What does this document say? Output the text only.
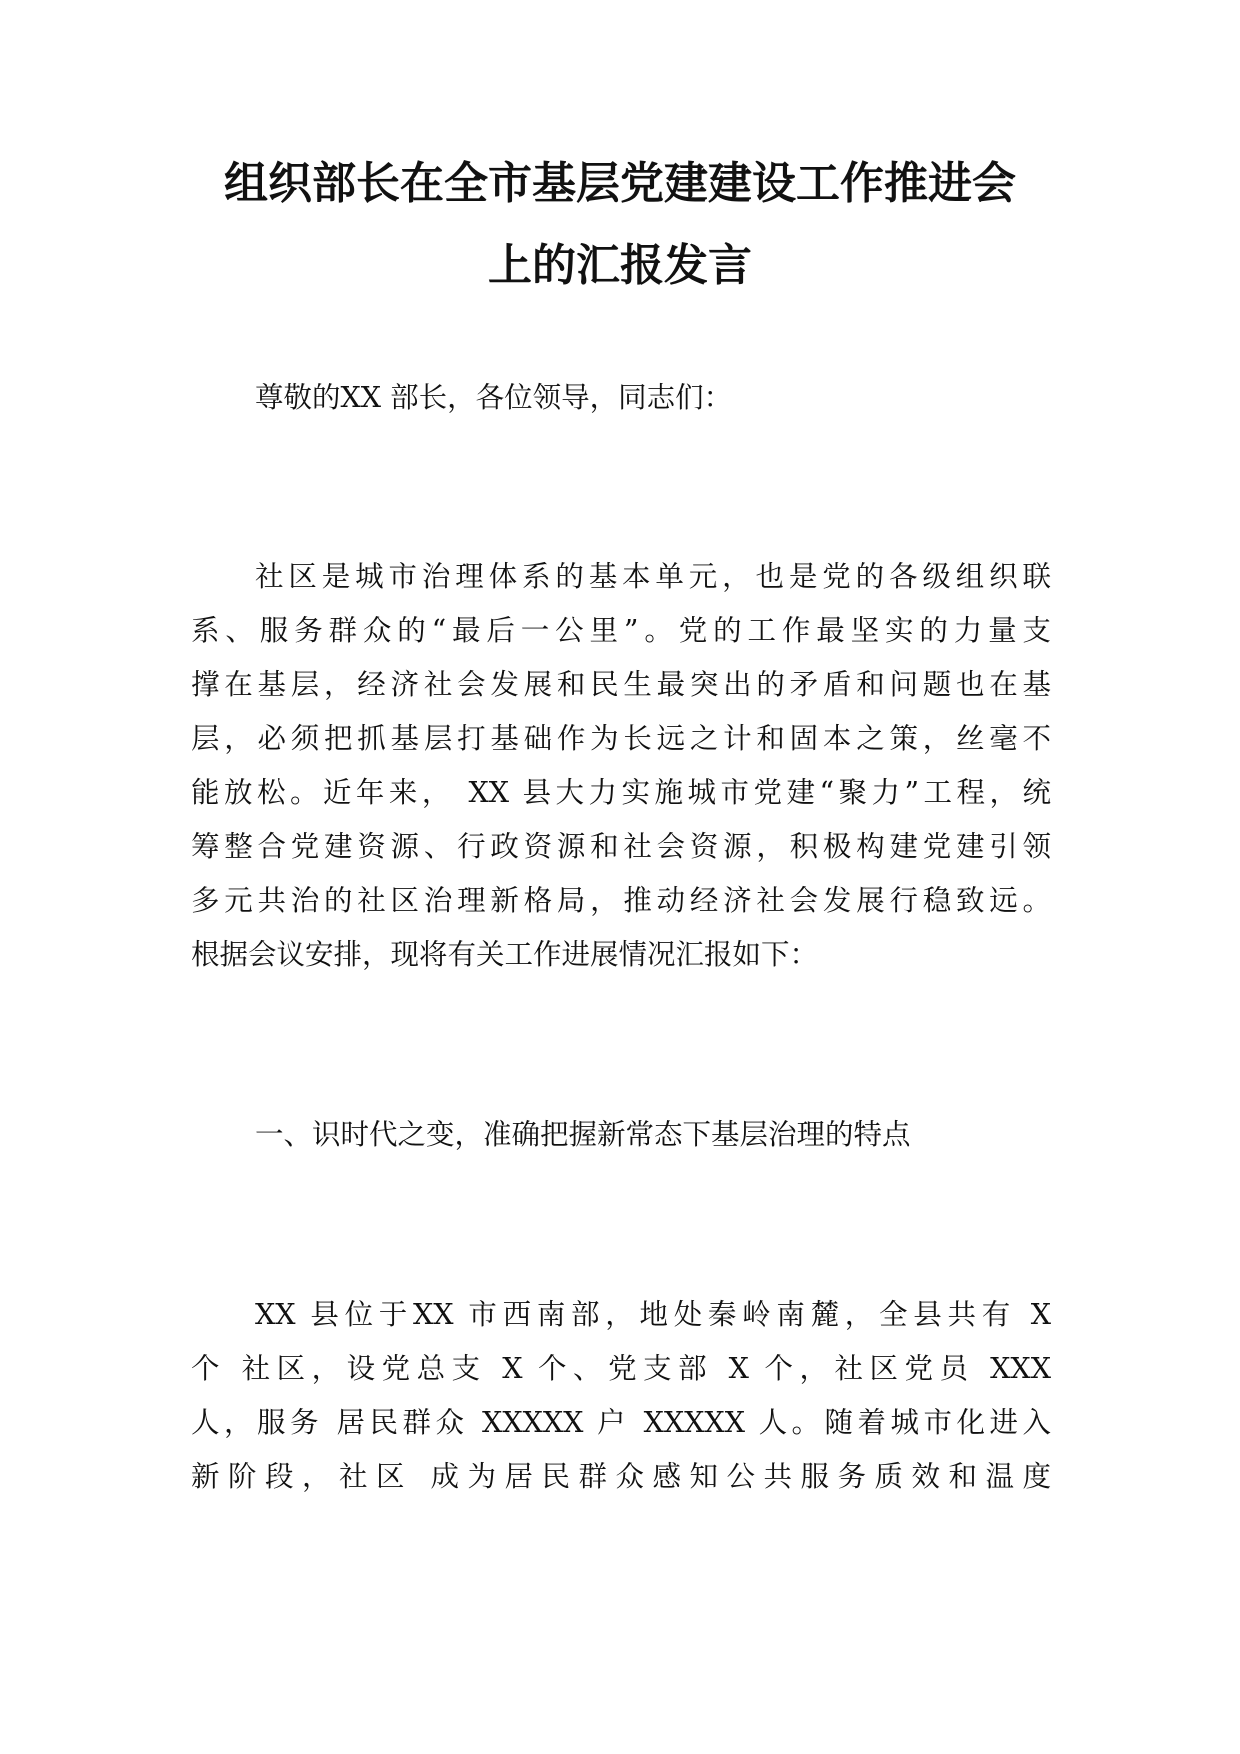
组织部长在全市基层党建建设工作推进会
上的汇报发言

尊敬的XX 部长，各位领导，同志们：

社区是城市治理体系的基本单元，也是党的各级组织联

系、服务群众的“最后一公里”。党的工作最坚实的力量支

撑在基层，经济社会发展和民生最突出的矛盾和问题也在基

层，必须把抓基层打基础作为长远之计和固本之策，丝毫不

能放松。近年来， XX 县大力实施城市党建“聚力”工程，统

筹整合党建资源、行政资源和社会资源，积极构建党建引领

多元共治的社区治理新格局，推动经济社会发展行稳致远。

根据会议安排，现将有关工作进展情况汇报如下：

一、识时代之变，准确把握新常态下基层治理的特点

XX 县位于XX 市西南部，地处秦岭南麓，全县共有 X

个 社区，设党总支 X 个、党支部 X 个，社区党员 XXX

人，服务 居民群众 XXXXX 户 XXXXX 人。随着城市化进入

新阶段，社区 成为居民群众感知公共服务质效和温度
